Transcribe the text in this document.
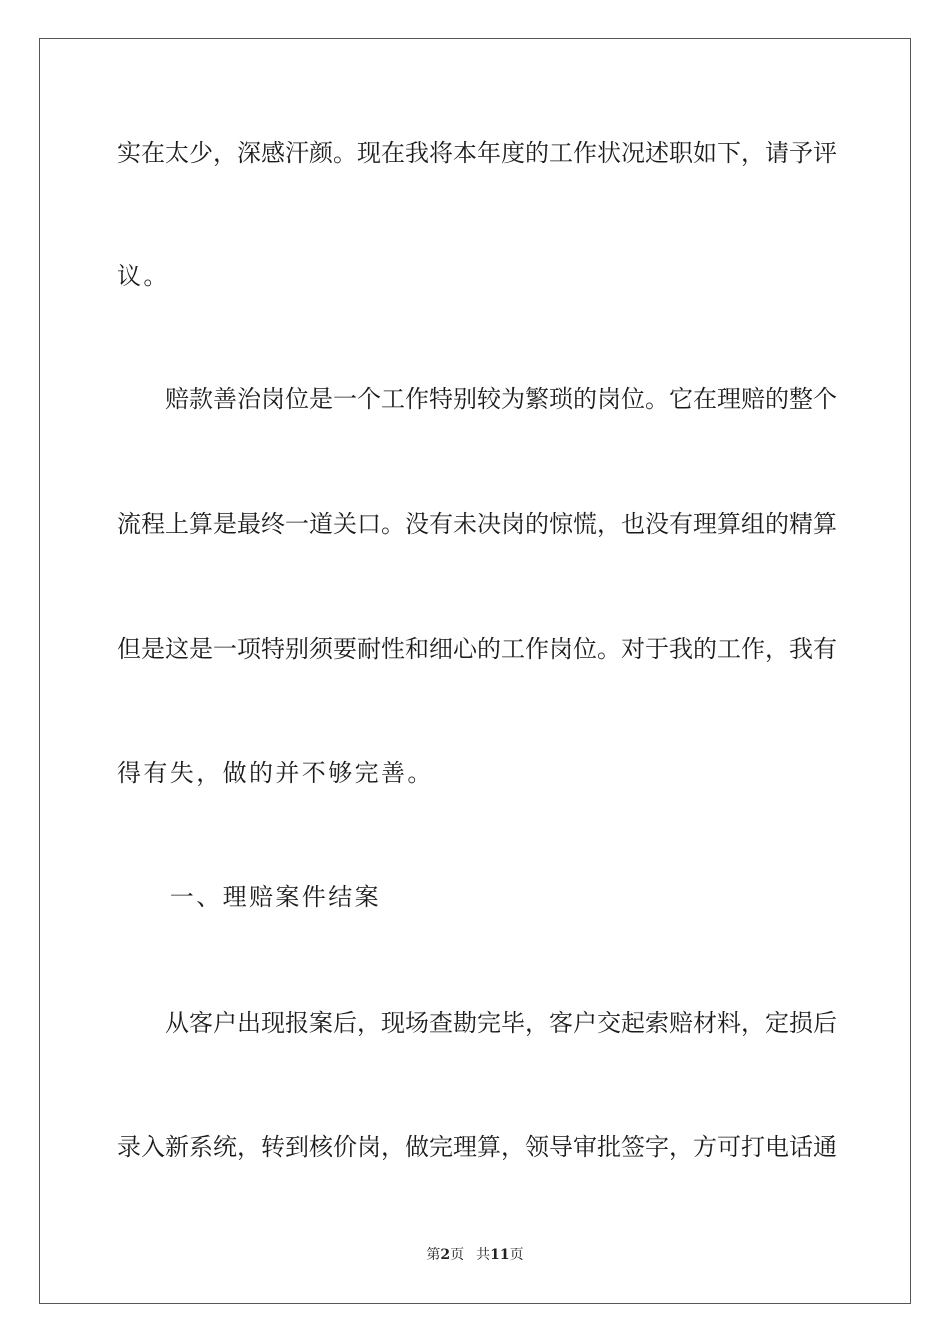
实在太少，深感汗颜。现在我将本年度的工作状况述职如下，请予评
议。
　　赔款善治岗位是一个工作特别较为繁琐的岗位。它在理赔的整个
流程上算是最终一道关口。没有未决岗的惊慌，也没有理算组的精算
但是这是一项特别须要耐性和细心的工作岗位。对于我的工作，我有
得有失，做的并不够完善。
　　一、理赔案件结案
　　从客户出现报案后，现场查勘完毕，客户交起索赔材料，定损后
录入新系统，转到核价岗，做完理算，领导审批签字，方可打电话通
第2页 共11页
